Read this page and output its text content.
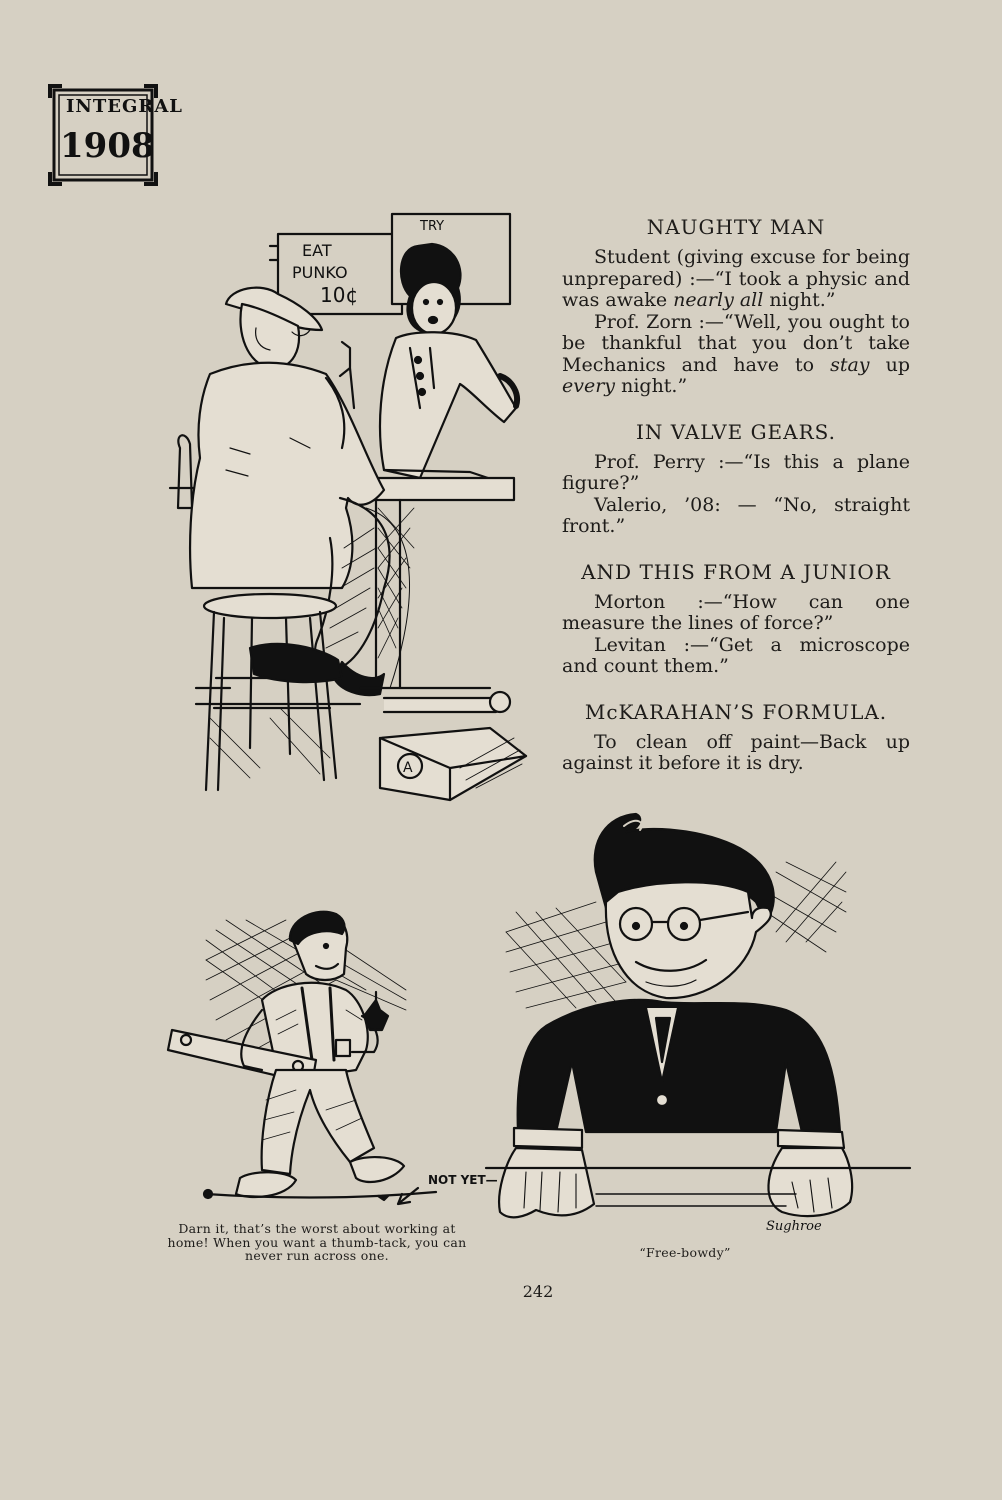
INTEGRAL
1908
EAT
PUNKO
10¢
TRY
A
NAUGHTY MAN

Student (giving excuse for being unprepared) :—“I took a physic and was awake nearly all night.”

Prof. Zorn :—“Well, you ought to be thankful that you don’t take Mechanics and have to stay up every night.”

IN VALVE GEARS.

Prof. Perry :—“Is this a plane figure?”

Valerio, ’08: — “No, straight front.”

AND THIS FROM A JUNIOR

Morton :—“How can one measure the lines of force?”

Levitan :—“Get a microscope and count them.”

McKARAHAN’S FORMULA.

To clean off paint—Back up against it before it is dry.

NOT YET—
Sughroe
Darn it, that’s the worst about working at home! When you want a thumb-tack, you can never run across one.	“Free-bowdy”
242
